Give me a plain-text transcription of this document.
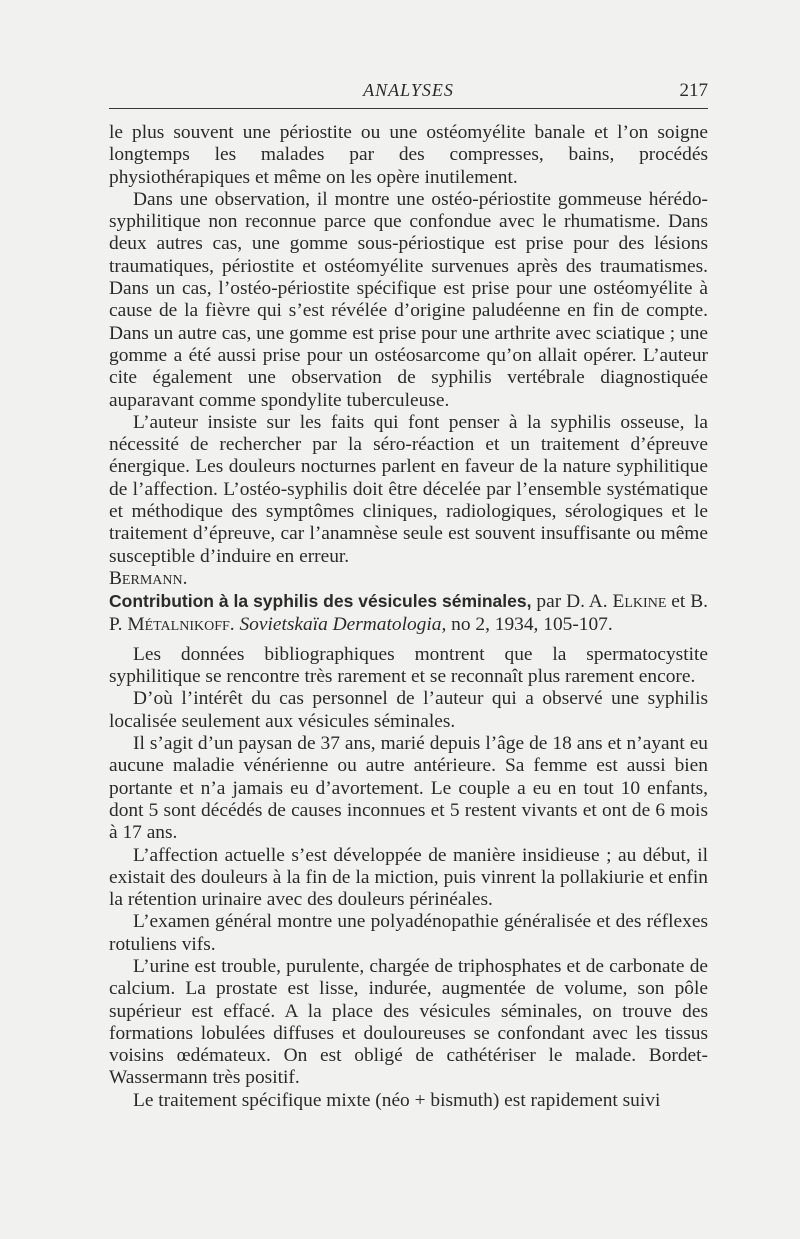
ANALYSES	217

le plus souvent une périostite ou une ostéomyélite banale et l’on soigne longtemps les malades par des compresses, bains, procédés physiothérapiques et même on les opère inutilement.

Dans une observation, il montre une ostéo-périostite gommeuse hérédo-syphilitique non reconnue parce que confondue avec le rhumatisme. Dans deux autres cas, une gomme sous-périostique est prise pour des lésions traumatiques, périostite et ostéomyélite survenues après des traumatismes. Dans un cas, l’ostéo-périostite spécifique est prise pour une ostéomyélite à cause de la fièvre qui s’est révélée d’origine paludéenne en fin de compte. Dans un autre cas, une gomme est prise pour une arthrite avec sciatique ; une gomme a été aussi prise pour un ostéosarcome qu’on allait opérer. L’auteur cite également une observation de syphilis vertébrale diagnostiquée auparavant comme spondylite tuberculeuse.

L’auteur insiste sur les faits qui font penser à la syphilis osseuse, la nécessité de rechercher par la séro-réaction et un traitement d’épreuve énergique. Les douleurs nocturnes parlent en faveur de la nature syphilitique de l’affection. L’ostéo-syphilis doit être décelée par l’ensemble systématique et méthodique des symptômes cliniques, radiologiques, sérologiques et le traitement d’épreuve, car l’anamnèse seule est souvent insuffisante ou même susceptible d’induire en erreur.

Bermann.

Contribution à la syphilis des vésicules séminales, par D. A. Elkine et B. P. Métalnikoff. Sovietskaïa Dermatologia, no 2, 1934, 105-107.

Les données bibliographiques montrent que la spermatocystite syphilitique se rencontre très rarement et se reconnaît plus rarement encore.

D’où l’intérêt du cas personnel de l’auteur qui a observé une syphilis localisée seulement aux vésicules séminales.

Il s’agit d’un paysan de 37 ans, marié depuis l’âge de 18 ans et n’ayant eu aucune maladie vénérienne ou autre antérieure. Sa femme est aussi bien portante et n’a jamais eu d’avortement. Le couple a eu en tout 10 enfants, dont 5 sont décédés de causes inconnues et 5 restent vivants et ont de 6 mois à 17 ans.

L’affection actuelle s’est développée de manière insidieuse ; au début, il existait des douleurs à la fin de la miction, puis vinrent la pollakiurie et enfin la rétention urinaire avec des douleurs périnéales.

L’examen général montre une polyadénopathie généralisée et des réflexes rotuliens vifs.

L’urine est trouble, purulente, chargée de triphosphates et de carbonate de calcium. La prostate est lisse, indurée, augmentée de volume, son pôle supérieur est effacé. A la place des vésicules séminales, on trouve des formations lobulées diffuses et douloureuses se confondant avec les tissus voisins œdémateux. On est obligé de cathétériser le malade. Bordet-Wassermann très positif.

Le traitement spécifique mixte (néo + bismuth) est rapidement suivi
